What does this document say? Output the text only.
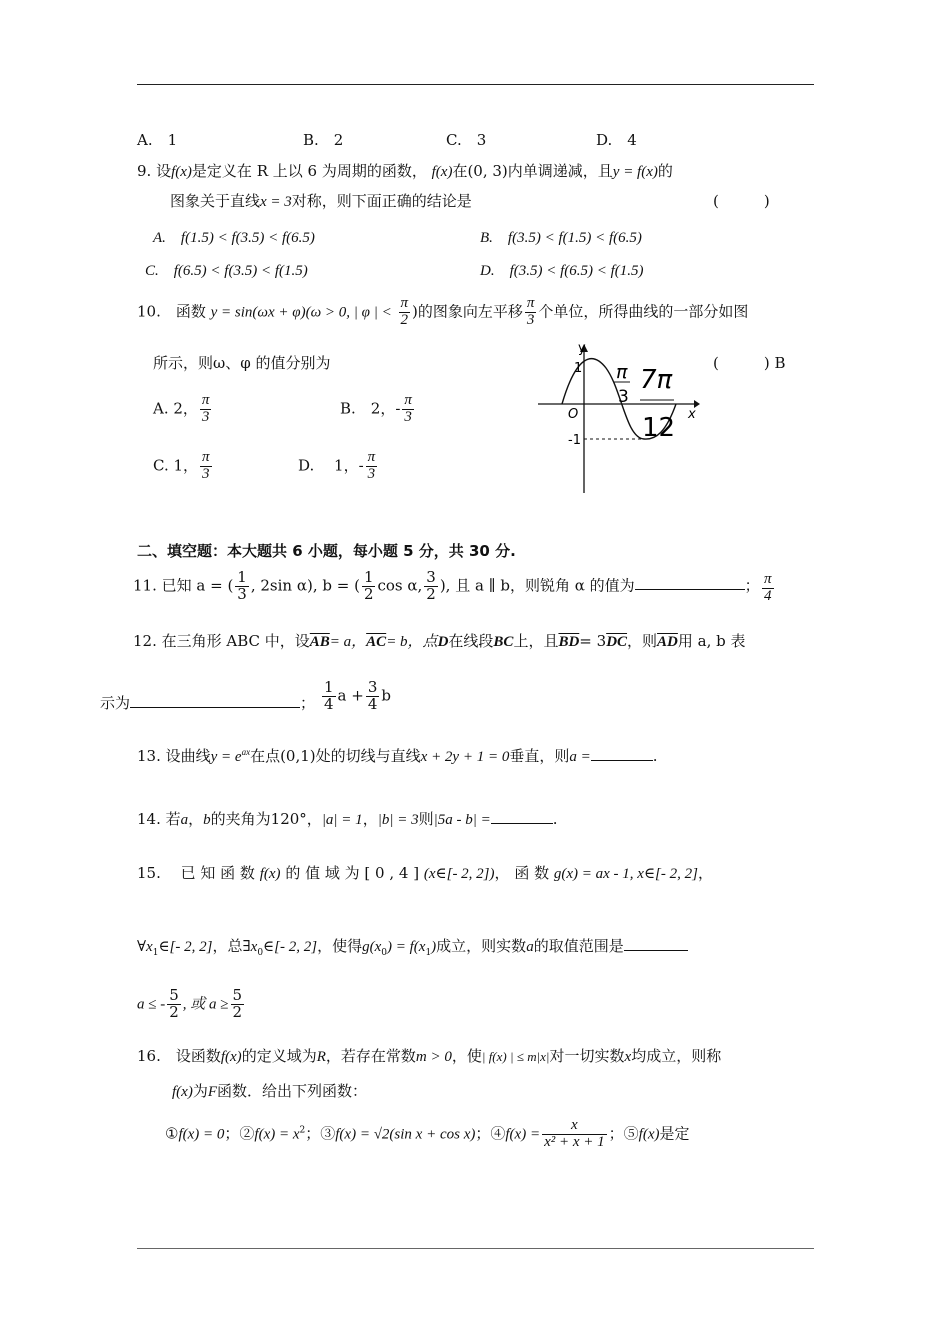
A.　1	B.　2	C.　3	D.　4
9. 设f(x)是定义在 R 上以 6 为周期的函数， f(x)在(0, 3)内单调递减，且y = f(x)的
图象关于直线x = 3对称，则下面正确的结论是	(　　　)
A.　f(1.5) < f(3.5) < f(6.5)	B.　f(3.5) < f(1.5) < f(6.5)
C.　f(6.5) < f(3.5) < f(1.5)	D.　f(3.5) < f(6.5) < f(1.5)
10.　函数 y = sin(ωx + φ)(ω > 0, | φ | < $\frac{\pi}{2}$ )的图象向左平移 $\frac{\pi}{3}$ 个单位，所得曲线的一部分如图
所示，则ω、φ 的值分别为	(　　　) B
A. 2， $\frac{\pi}{3}$	B.　2，- $\frac{\pi}{3}$
C. 1， $\frac{\pi}{3}$	D.　 1，- $\frac{\pi}{3}$
y
x
O
1
-1
π
3
7π
12
二、填空题：本大题共 6 小题，每小题 5 分，共 30 分.
11. 已知 a = ( $\frac{1}{3}$ , 2sin α), b = ( $\frac{1}{2}$ cos α, $\frac{3}{2}$ ), 且 a ∥ b，则锐角 α 的值为	； $\frac{\pi}{4}$
12. 在三角形 ABC 中，设$\overline{AB}= a$，$\overline{AC}= b$，点D在线段BC上，且$\overline{BD}= 3\overline{DC}$，则$\overline{AD}$用 a, b 表
示为	； $\frac{1}{4}$ $a + \frac{3}{4}$ b
13. 设曲线$y = e^{ax}$在点(0,1)处的切线与直线x + 2y + 1 = 0垂直，则a =	.
14. 若a，b的夹角为120°，|a| = 1，|b| = 3则|5a - b| =	.
15.　 已 知 函 数 f(x) 的 值 域 为 [ 0 , 4 ] (x∈[- 2, 2])， 函 数 g(x) = ax - 1, x∈[- 2, 2]，
$\forall x_1\in[-$ 2, 2]，总$\exists x_0\in[-$ 2, 2]，使得$g(x_0) = f(x_1)$成立，则实数a的取值范围是
a ≤ - $\frac{5}{2}$ , 或 $a \ge \frac{5}{2}$
16.　设函数f(x)的定义域为R，若存在常数m > 0，使| f(x) | ≤ m|x|对一切实数x均成立，则称
f(x)为F函数．给出下列函数：
①f(x) = 0；②f(x) = $x^2$；③f(x) = √2(sin x + cos x)；④f(x) = $\frac{x}{\text{x² + x + 1}}$ ；⑤f(x)是定
